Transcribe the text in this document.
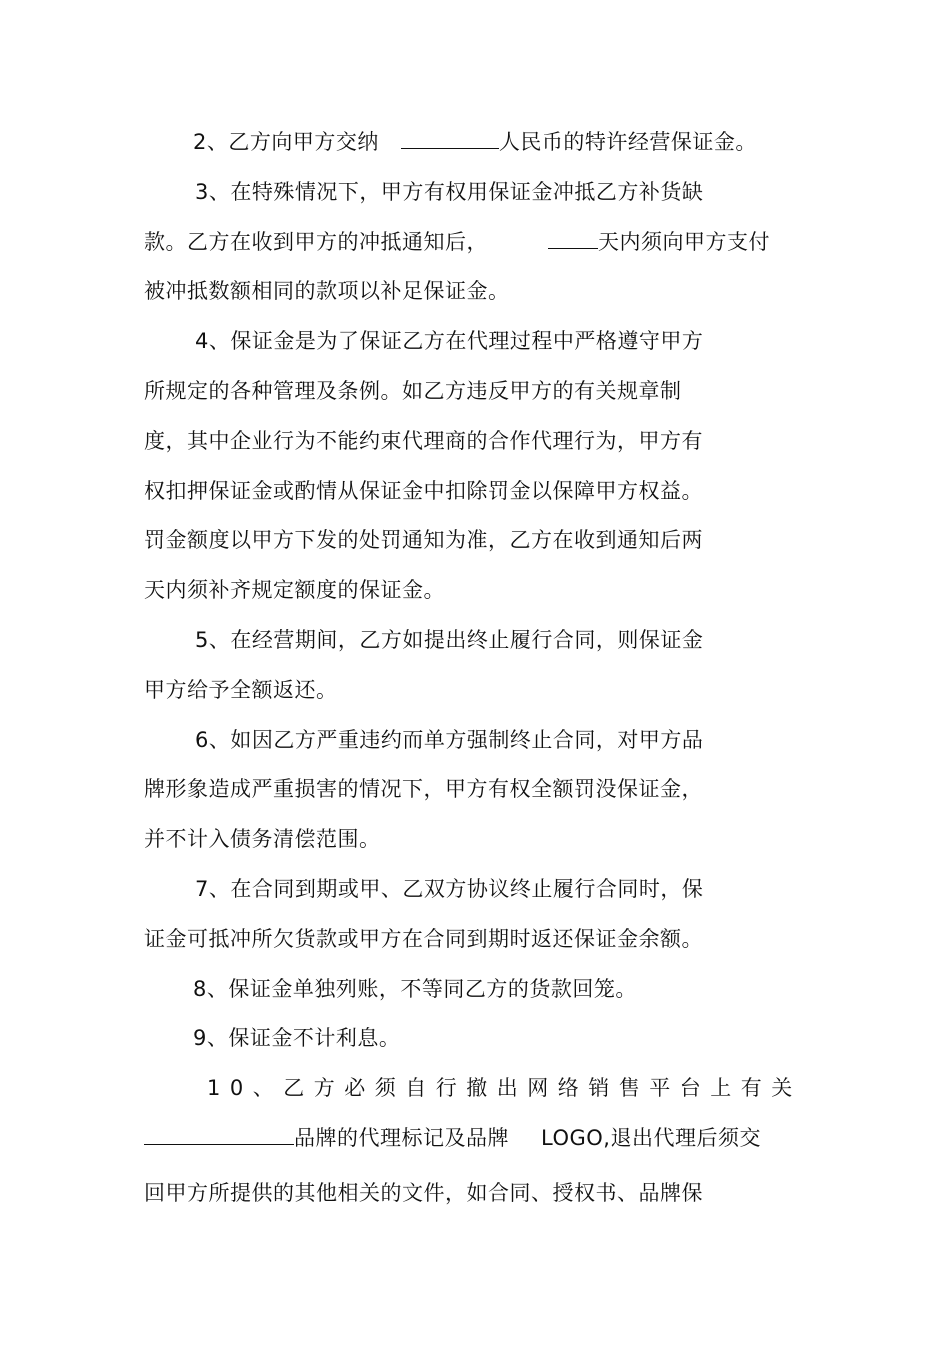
2、乙方向甲方交纳	人民币的特许经营保证金。
3、在特殊情况下，甲方有权用保证金冲抵乙方补货缺
款。乙方在收到甲方的冲抵通知后，	天内须向甲方支付
被冲抵数额相同的款项以补足保证金。
4、保证金是为了保证乙方在代理过程中严格遵守甲方
所规定的各种管理及条例。如乙方违反甲方的有关规章制
度，其中企业行为不能约束代理商的合作代理行为，甲方有
权扣押保证金或酌情从保证金中扣除罚金以保障甲方权益。
罚金额度以甲方下发的处罚通知为准，乙方在收到通知后两
天内须补齐规定额度的保证金。
5、在经营期间，乙方如提出终止履行合同，则保证金
甲方给予全额返还。
6、如因乙方严重违约而单方强制终止合同，对甲方品
牌形象造成严重损害的情况下，甲方有权全额罚没保证金，
并不计入债务清偿范围。
7、在合同到期或甲、乙双方协议终止履行合同时，保
证金可抵冲所欠货款或甲方在合同到期时返还保证金余额。
8、保证金单独列账，不等同乙方的货款回笼。
9、保证金不计利息。
10、乙方必须自行撤出网络销售平台上有关
品牌的代理标记及品牌 LOGO,退出代理后须交
回甲方所提供的其他相关的文件，如合同、授权书、品牌保
